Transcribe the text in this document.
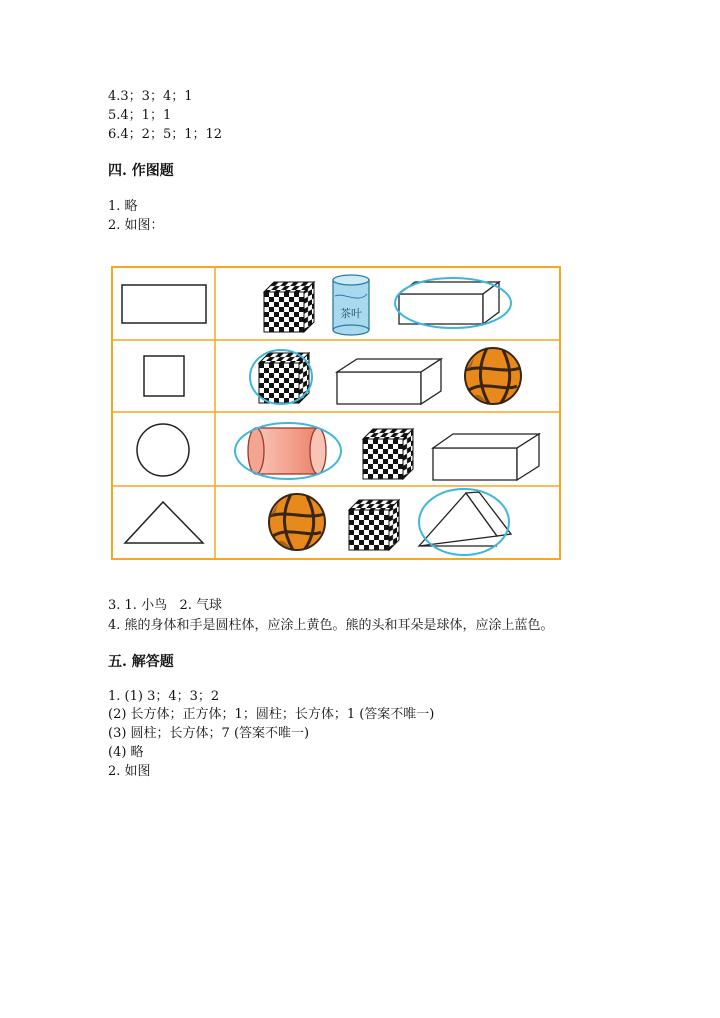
4.3；3；4；1
5.4；1；1
6.4；2；5；1；12
四. 作图题
1. 略
2. 如图：
茶叶
3. 1. 小鸟   2. 气球
4. 熊的身体和手是圆柱体，应涂上黄色。熊的头和耳朵是球体，应涂上蓝色。
五. 解答题
1. (1) 3；4；3；2
(2) 长方体；正方体；1；圆柱；长方体；1 (答案不唯一)
(3) 圆柱；长方体；7 (答案不唯一)
(4) 略
2. 如图
